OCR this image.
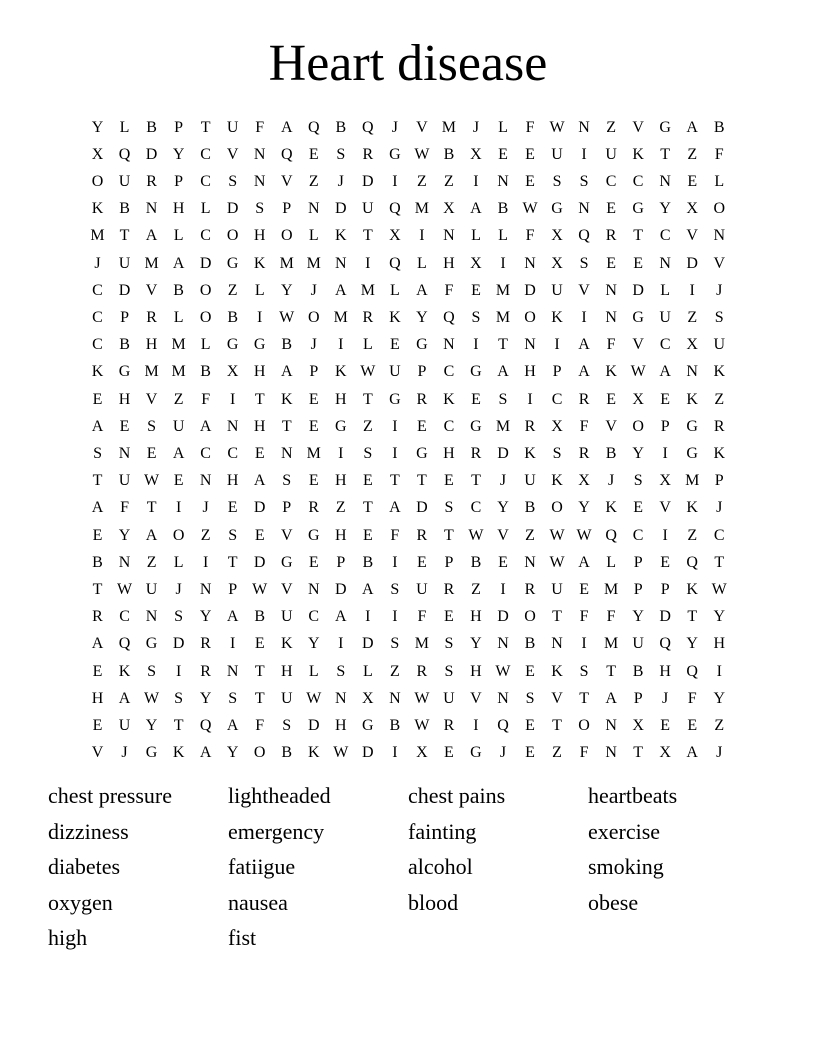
Heart disease
Y	L	B	P	T	U	F	A	Q	B	Q	J	V	M	J	L	F	W	N	Z	V	G	A	B
X	Q	D	Y	C	V	N	Q	E	S	R	G	W	B	X	E	E	U	I	U	K	T	Z	F
O	U	R	P	C	S	N	V	Z	J	D	I	Z	Z	I	N	E	S	S	C	C	N	E	L
K	B	N	H	L	D	S	P	N	D	U	Q	M	X	A	B	W	G	N	E	G	Y	X	O
M	T	A	L	C	O	H	O	L	K	T	X	I	N	L	L	F	X	Q	R	T	C	V	N
J	U	M	A	D	G	K	M	M	N	I	Q	L	H	X	I	N	X	S	E	E	N	D	V
C	D	V	B	O	Z	L	Y	J	A	M	L	A	F	E	M	D	U	V	N	D	L	I	J
C	P	R	L	O	B	I	W	O	M	R	K	Y	Q	S	M	O	K	I	N	G	U	Z	S
C	B	H	M	L	G	G	B	J	I	L	E	G	N	I	T	N	I	A	F	V	C	X	U
K	G	M	M	B	X	H	A	P	K	W	U	P	C	G	A	H	P	A	K	W	A	N	K
E	H	V	Z	F	I	T	K	E	H	T	G	R	K	E	S	I	C	R	E	X	E	K	Z
A	E	S	U	A	N	H	T	E	G	Z	I	E	C	G	M	R	X	F	V	O	P	G	R
S	N	E	A	C	C	E	N	M	I	S	I	G	H	R	D	K	S	R	B	Y	I	G	K
T	U	W	E	N	H	A	S	E	H	E	T	T	E	T	J	U	K	X	J	S	X	M	P
A	F	T	I	J	E	D	P	R	Z	T	A	D	S	C	Y	B	O	Y	K	E	V	K	J
E	Y	A	O	Z	S	E	V	G	H	E	F	R	T	W	V	Z	W	W	Q	C	I	Z	C
B	N	Z	L	I	T	D	G	E	P	B	I	E	P	B	E	N	W	A	L	P	E	Q	T
T	W	U	J	N	P	W	V	N	D	A	S	U	R	Z	I	R	U	E	M	P	P	K	W
R	C	N	S	Y	A	B	U	C	A	I	I	F	E	H	D	O	T	F	F	Y	D	T	Y
A	Q	G	D	R	I	E	K	Y	I	D	S	M	S	Y	N	B	N	I	M	U	Q	Y	H
E	K	S	I	R	N	T	H	L	S	L	Z	R	S	H	W	E	K	S	T	B	H	Q	I
H	A	W	S	Y	S	T	U	W	N	X	N	W	U	V	N	S	V	T	A	P	J	F	Y
E	U	Y	T	Q	A	F	S	D	H	G	B	W	R	I	Q	E	T	O	N	X	E	E	Z
V	J	G	K	A	Y	O	B	K	W	D	I	X	E	G	J	E	Z	F	N	T	X	A	J
chest pressure	lightheaded	chest pains	heartbeats
dizziness	emergency	fainting	exercise
diabetes	fatiigue	alcohol	smoking
oxygen	nausea	blood	obese
high	fist
